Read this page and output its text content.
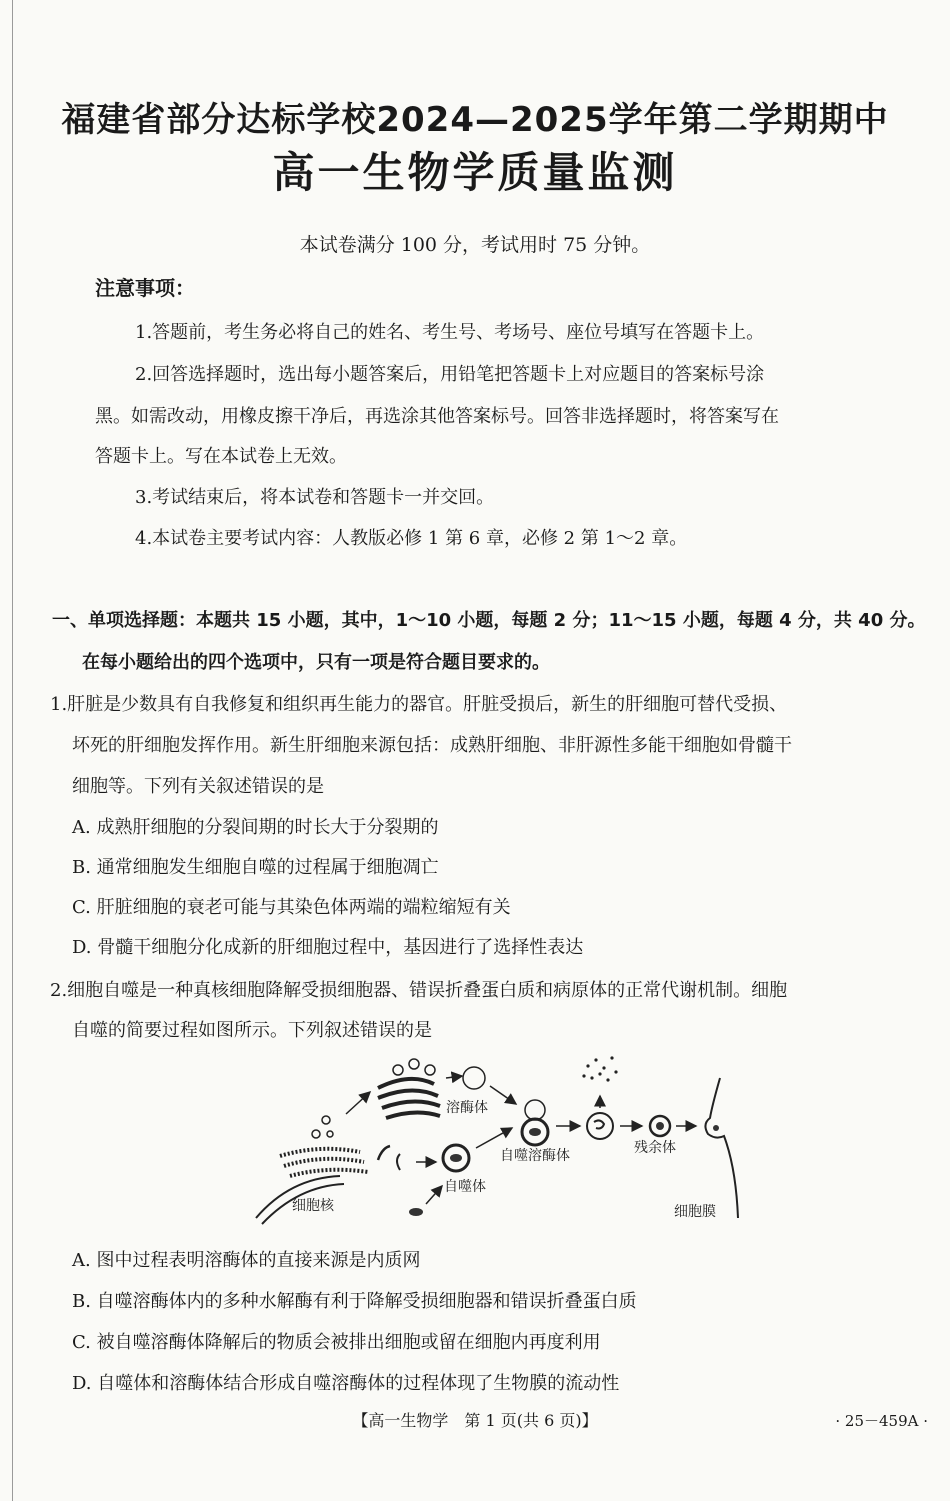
福建省部分达标学校2024—2025学年第二学期期中
高一生物学质量监测
本试卷满分 100 分，考试用时 75 分钟。
注意事项：
1.答题前，考生务必将自己的姓名、考生号、考场号、座位号填写在答题卡上。
2.回答选择题时，选出每小题答案后，用铅笔把答题卡上对应题目的答案标号涂
黑。如需改动，用橡皮擦干净后，再选涂其他答案标号。回答非选择题时，将答案写在
答题卡上。写在本试卷上无效。
3.考试结束后，将本试卷和答题卡一并交回。
4.本试卷主要考试内容：人教版必修 1 第 6 章，必修 2 第 1～2 章。
一、单项选择题：本题共 15 小题，其中，1～10 小题，每题 2 分；11～15 小题，每题 4 分，共 40 分。
在每小题给出的四个选项中，只有一项是符合题目要求的。
1.肝脏是少数具有自我修复和组织再生能力的器官。肝脏受损后，新生的肝细胞可替代受损、
坏死的肝细胞发挥作用。新生肝细胞来源包括：成熟肝细胞、非肝源性多能干细胞如骨髓干
细胞等。下列有关叙述错误的是
A. 成熟肝细胞的分裂间期的时长大于分裂期的
B. 通常细胞发生细胞自噬的过程属于细胞凋亡
C. 肝脏细胞的衰老可能与其染色体两端的端粒缩短有关
D. 骨髓干细胞分化成新的肝细胞过程中，基因进行了选择性表达
2.细胞自噬是一种真核细胞降解受损细胞器、错误折叠蛋白质和病原体的正常代谢机制。细胞
自噬的简要过程如图所示。下列叙述错误的是
溶酶体
自噬体
自噬溶酶体	残余体
细胞膜
细胞核
A. 图中过程表明溶酶体的直接来源是内质网
B. 自噬溶酶体内的多种水解酶有利于降解受损细胞器和错误折叠蛋白质
C. 被自噬溶酶体降解后的物质会被排出细胞或留在细胞内再度利用
D. 自噬体和溶酶体结合形成自噬溶酶体的过程体现了生物膜的流动性
【高一生物学　第 1 页(共 6 页)】	· 25－459A ·
